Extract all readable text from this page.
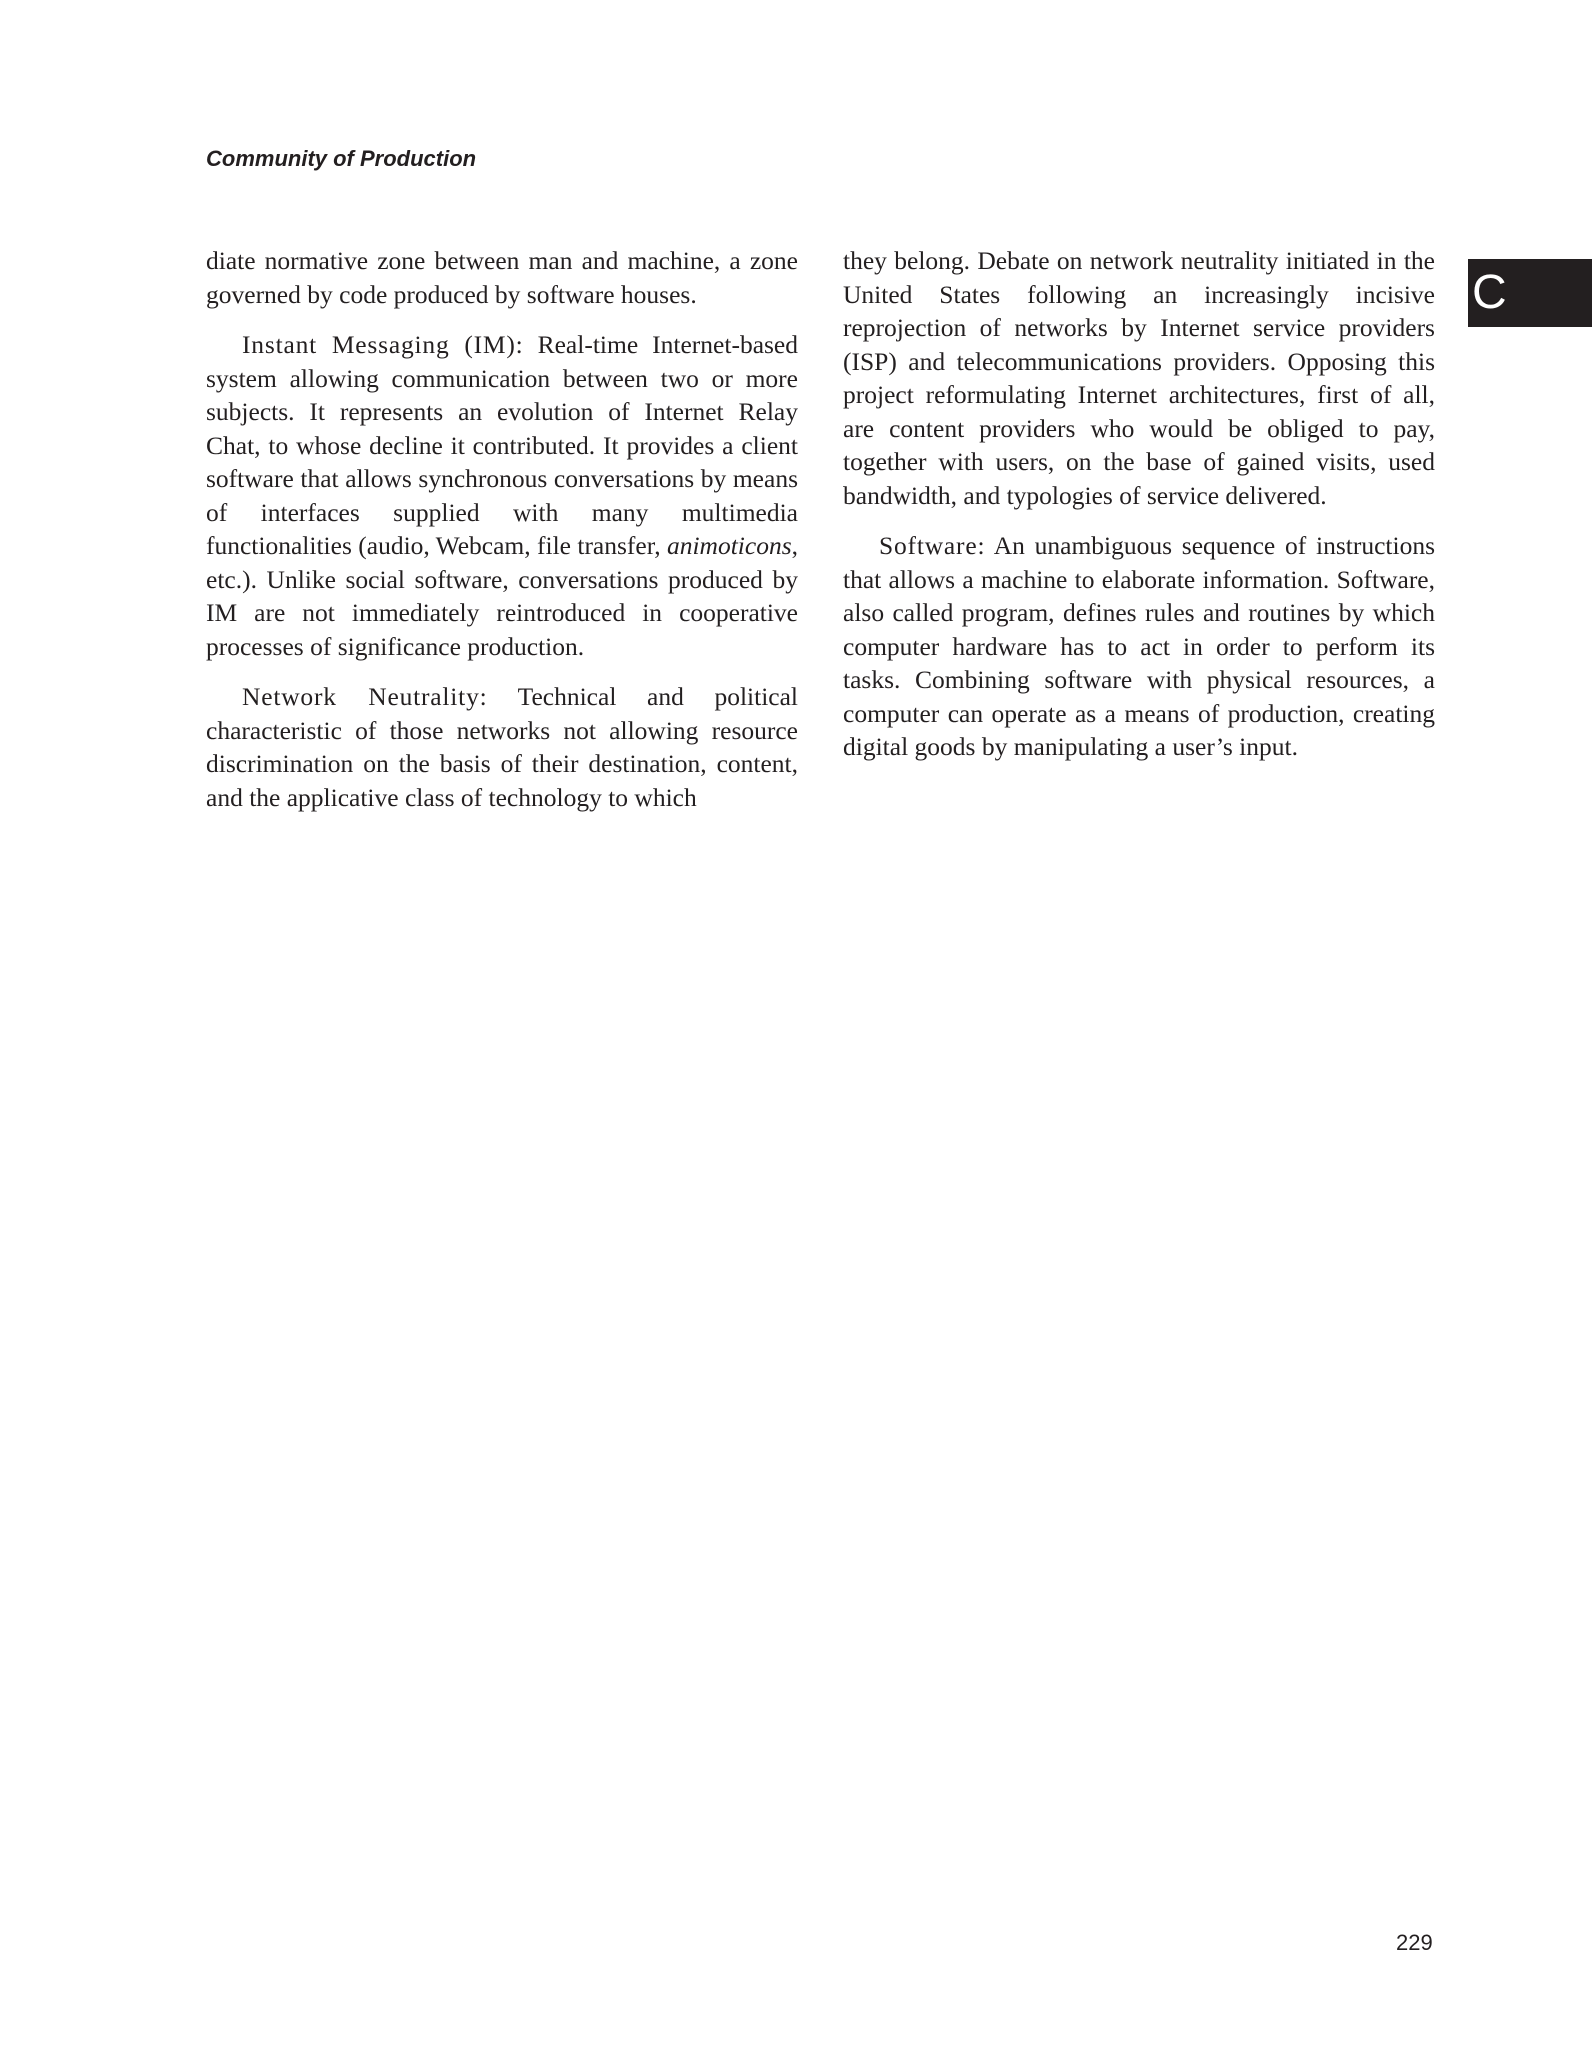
Community of Production
C

diate normative zone between man and machine, a zone governed by code produced by software houses.

Instant Messaging (IM): Real-time Internet-based system allowing communication between two or more subjects. It represents an evolution of Internet Relay Chat, to whose decline it contributed. It provides a client software that allows synchronous conversations by means of interfaces supplied with many multimedia functionalities (audio, Webcam, file transfer, animoticons, etc.). Unlike social software, conversations produced by IM are not immediately reintroduced in cooperative processes of significance production.

Network Neutrality: Technical and political characteristic of those networks not allowing resource discrimination on the basis of their destination, content, and the applicative class of technology to which

they belong. Debate on network neutrality initiated in the United States following an increasingly incisive reprojection of networks by Internet service providers (ISP) and telecommunications providers. Opposing this project reformulating Internet architectures, first of all, are content providers who would be obliged to pay, together with users, on the base of gained visits, used bandwidth, and typologies of service delivered.

Software: An unambiguous sequence of instructions that allows a machine to elaborate information. Software, also called program, defines rules and routines by which computer hardware has to act in order to perform its tasks. Combining software with physical resources, a computer can operate as a means of production, creating digital goods by manipulating a user’s input.

229
